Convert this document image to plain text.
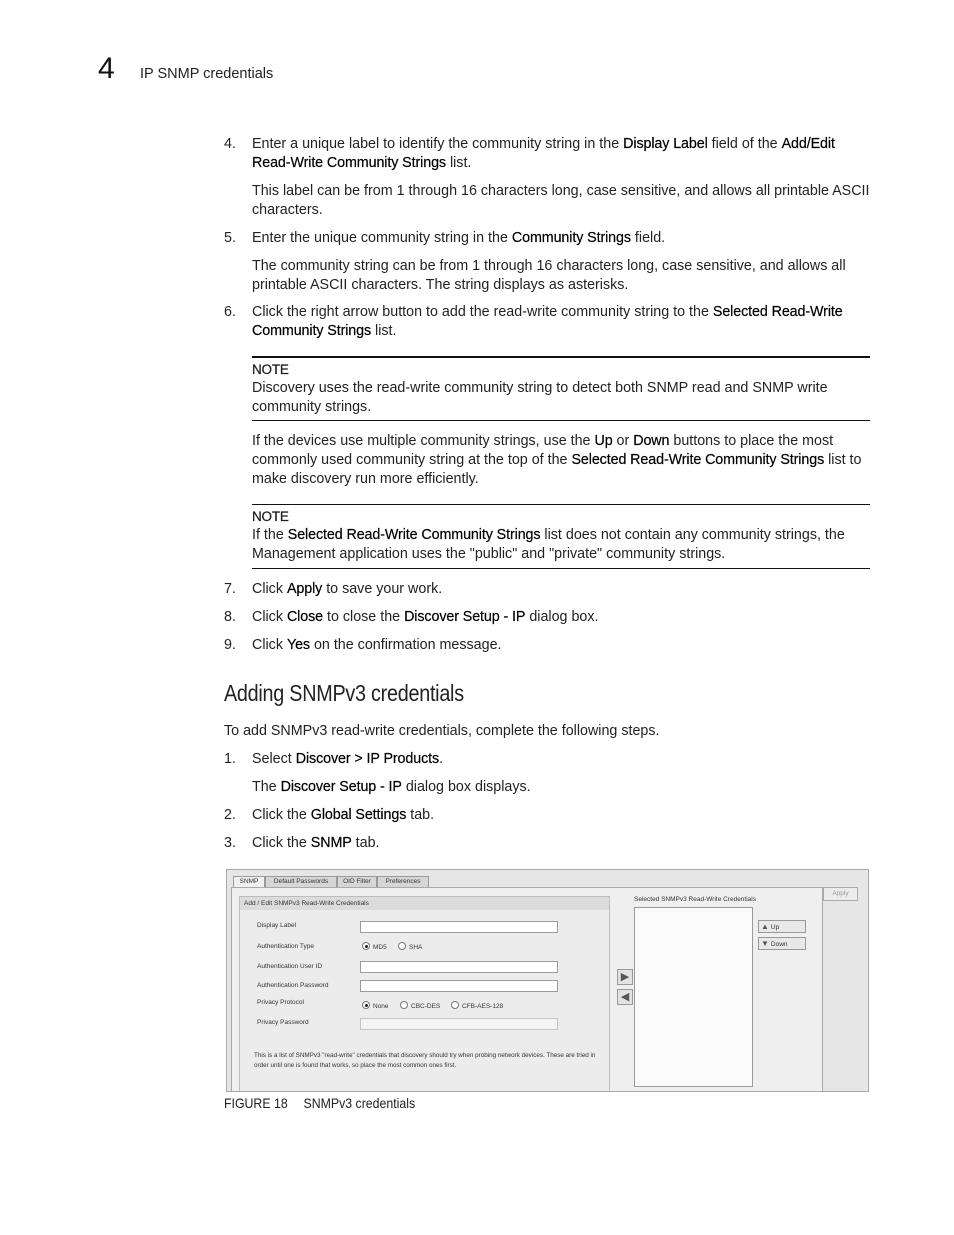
4 IP SNMP credentials
4. Enter a unique label to identify the community string in the Display Label field of the Add/Edit Read-Write Community Strings list.
This label can be from 1 through 16 characters long, case sensitive, and allows all printable ASCII characters.
5. Enter the unique community string in the Community Strings field.
The community string can be from 1 through 16 characters long, case sensitive, and allows all printable ASCII characters. The string displays as asterisks.
6. Click the right arrow button to add the read-write community string to the Selected Read-Write Community Strings list.
NOTE
Discovery uses the read-write community string to detect both SNMP read and SNMP write community strings.
If the devices use multiple community strings, use the Up or Down buttons to place the most commonly used community string at the top of the Selected Read-Write Community Strings list to make discovery run more efficiently.
NOTE
If the Selected Read-Write Community Strings list does not contain any community strings, the Management application uses the "public" and "private" community strings.
7. Click Apply to save your work.
8. Click Close to close the Discover Setup - IP dialog box.
9. Click Yes on the confirmation message.
Adding SNMPv3 credentials
To add SNMPv3 read-write credentials, complete the following steps.
1. Select Discover > IP Products.
The Discover Setup - IP dialog box displays.
2. Click the Global Settings tab.
3. Click the SNMP tab.
SNMP	Default Passwords	OID Filter	Preferences
Apply
Add / Edit SNMPv3 Read-Write Credentials
Display Label
Authentication Type	MD5	SHA
Authentication User ID
Authentication Password
Privacy Protocol
None	CBC-DES	CFB-AES-128
Privacy Password
This is a list of SNMPv3 "read-write" credentials that discovery should try when probing network devices. These are tried in order until one is found that works, so place the most common ones first.
▶
◀
Selected SNMPv3 Read-Write Credentials
▲ Up
▼ Down
FIGURE 18 SNMPv3 credentials
